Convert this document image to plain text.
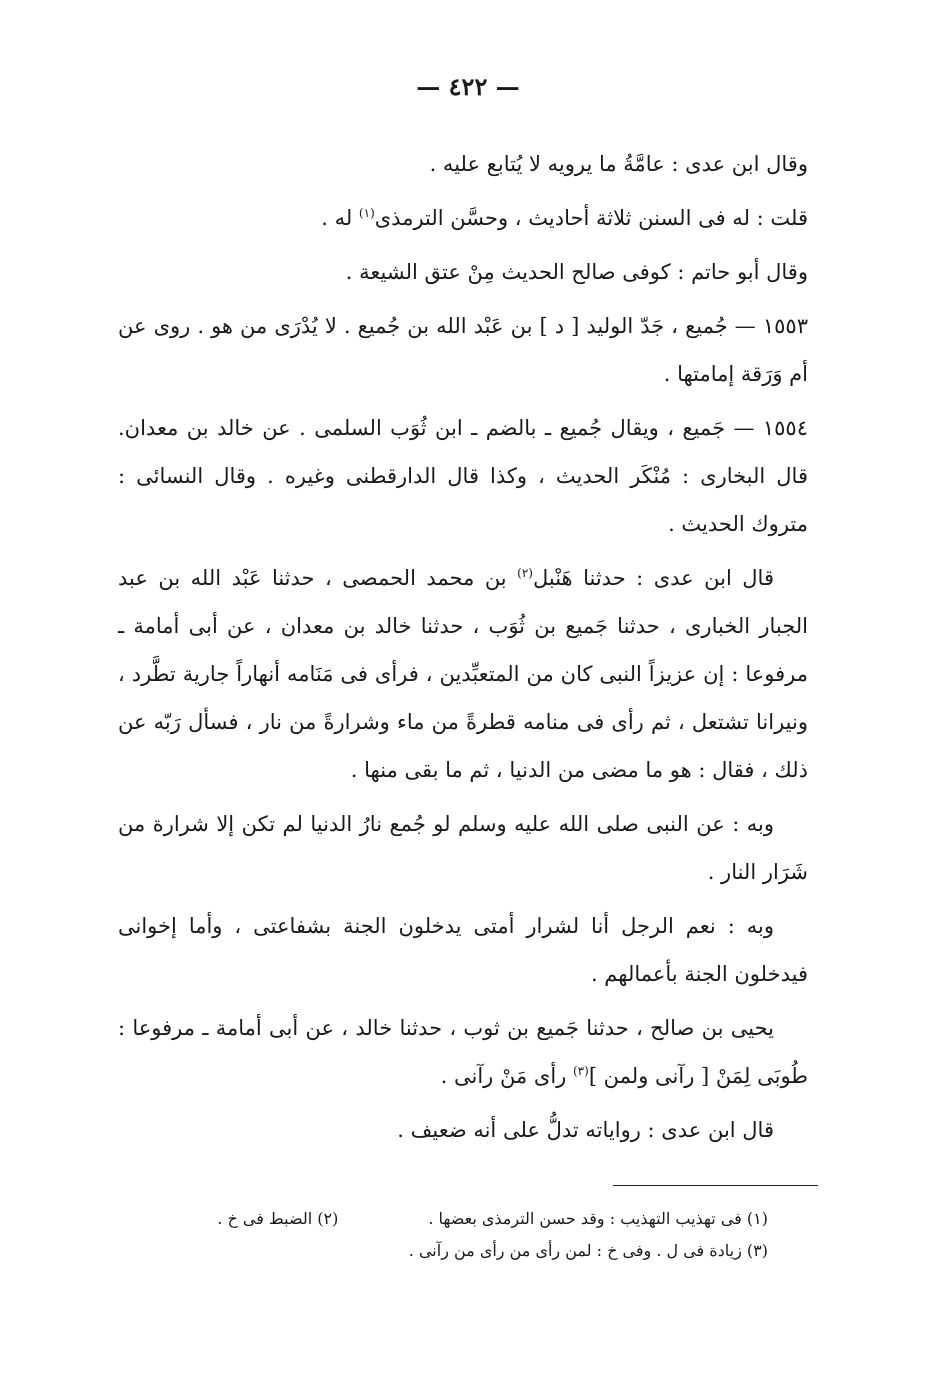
— ٤٢٢ —

وقال ابن عدى : عامَّةُ ما يرويه لا يُتابع عليه .

قلت : له فى السنن ثلاثة أحاديث ، وحسَّن الترمذى$^{(١)}$ له .

وقال أبو حاتم : كوفى صالح الحديث مِنْ عتق الشيعة .

١٥٥٣ — جُميع ، جَدّ الوليد [ د ] بن عَبْد الله بن جُميع . لا يُدْرَى من هو . روى عن أم وَرَقة إمامتها .

١٥٥٤ — جَميع ، ويقال جُميع ـ بالضم ـ ابن ثُوَب السلمى . عن خالد بن معدان. قال البخارى : مُنْكَر الحديث ، وكذا قال الدارقطنى وغيره . وقال النسائى : متروك الحديث .

قال ابن عدى : حدثنا هَنْبل$^{(٢)}$ بن محمد الحمصى ، حدثنا عَبْد الله بن عبد الجبار الخبارى ، حدثنا جَميع بن ثُوَب ، حدثنا خالد بن معدان ، عن أبى أمامة ـ مرفوعا : إن عزيزاً النبى كان من المتعبِّدين ، فرأى فى مَنَامه أنهاراً جارية تطَّرد ، ونيرانا تشتعل ، ثم رأى فى منامه قطرةً من ماء وشرارةً من نار ، فسأل رَبّه عن ذلك ، فقال : هو ما مضى من الدنيا ، ثم ما بقى منها .

وبه : عن النبى صلى الله عليه وسلم لو جُمع نارُ الدنيا لم تكن إلا شرارة من شَرَار النار .

وبه : نعم الرجل أنا لشرار أمتى يدخلون الجنة بشفاعتى ، وأما إخوانى فيدخلون الجنة بأعمالهم .

يحيى بن صالح ، حدثنا جَميع بن ثوب ، حدثنا خالد ، عن أبى أمامة ـ مرفوعا : طُوبَى لِمَنْ [ رآنى ولمن ]$^{(٣)}$ رأى مَنْ رآنى .

قال ابن عدى : رواياته تدلُّ على أنه ضعيف .

(١) فى تهذيب التهذيب : وقد حسن الترمذى بعضها .
(٢) الضبط فى خ .
(٣) زيادة فى ل . وفى خ : لمن رأى من رأى من رآنى .
